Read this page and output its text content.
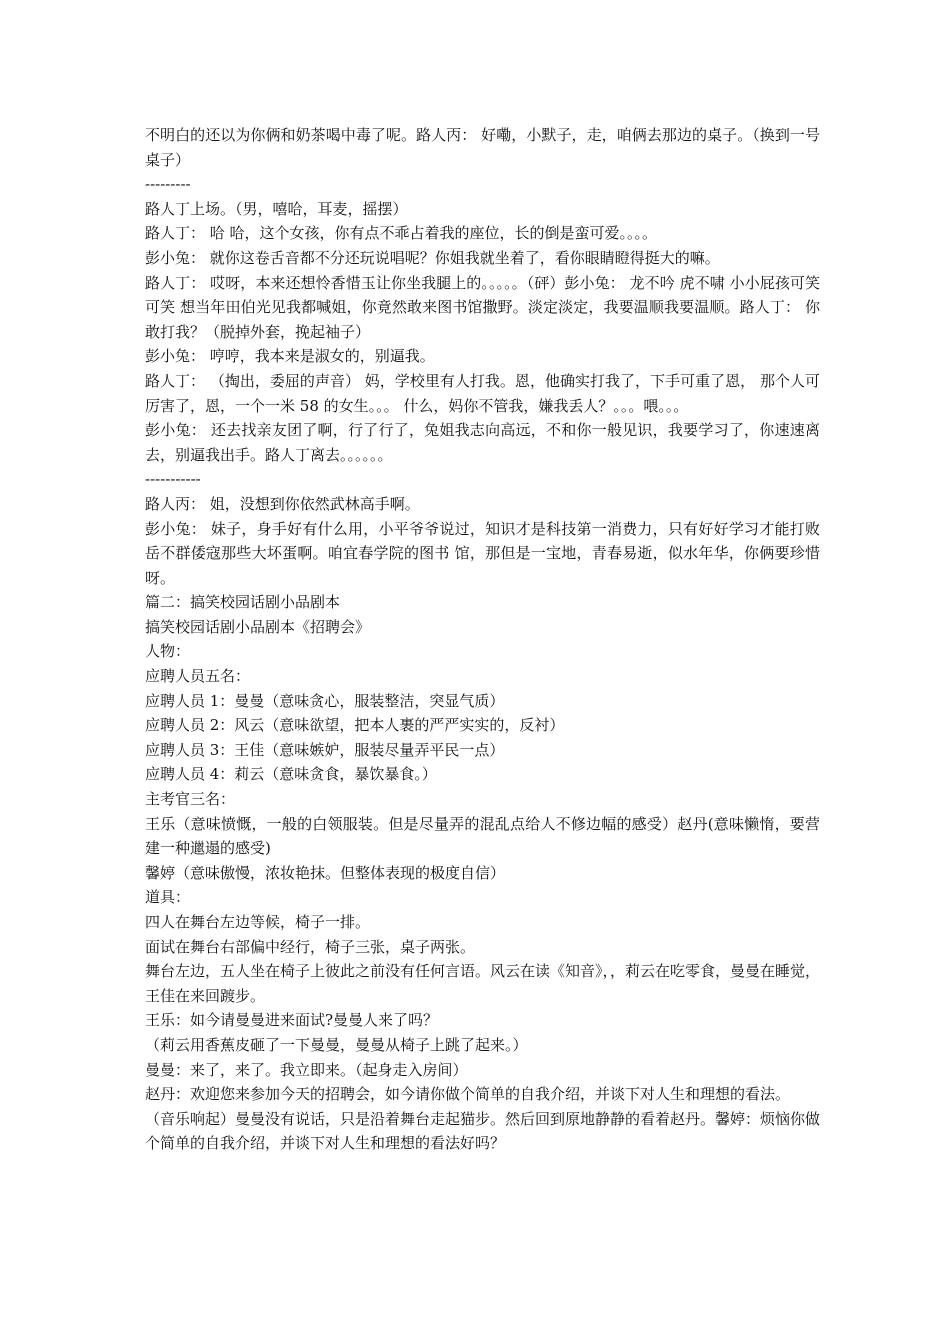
不明白的还以为你俩和奶茶喝中毒了呢。路人丙： 好嘞，小默子，走，咱俩去那边的桌子。（换到一号桌子）

---------

路人丁上场。（男，嘻哈，耳麦，摇摆）

路人丁： 哈 哈，这个女孩，你有点不乖占着我的座位，长的倒是蛮可爱。。。。

彭小兔： 就你这卷舌音都不分还玩说唱呢？你姐我就坐着了，看你眼睛瞪得挺大的嘛。

路人丁： 哎呀，本来还想怜香惜玉让你坐我腿上的。。。。。（砰）彭小兔： 龙不吟 虎不啸 小小屁孩可笑可笑 想当年田伯光见我都喊姐，你竟然敢来图书馆撒野。淡定淡定，我要温顺我要温顺。路人丁： 你敢打我？（脱掉外套，挽起袖子）

彭小兔： 哼哼，我本来是淑女的，别逼我。

路人丁： （掏出，委屈的声音） 妈，学校里有人打我。恩，他确实打我了，下手可重了恩， 那个人可厉害了，恩，一个一米 58 的女生。。。 什么，妈你不管我，嫌我丢人？。。。喂。。。

彭小兔： 还去找亲友团了啊，行了行了，兔姐我志向高远，不和你一般见识，我要学习了，你速速离去，别逼我出手。路人丁离去。。。。。。

-----------

路人丙： 姐，没想到你依然武林高手啊。

彭小兔： 妹子，身手好有什么用，小平爷爷说过，知识才是科技第一消费力，只有好好学习才能打败岳不群倭寇那些大坏蛋啊。咱宜春学院的图书 馆，那但是一宝地，青春易逝，似水年华，你俩要珍惜呀。

篇二：搞笑校园话剧小品剧本

搞笑校园话剧小品剧本《招聘会》

人物：

应聘人员五名：

应聘人员 1：曼曼（意味贪心，服装整洁，突显气质）

应聘人员 2：风云（意味欲望，把本人裹的严严实实的，反衬）

应聘人员 3：王佳（意味嫉妒，服装尽量弄平民一点）

应聘人员 4：莉云（意味贪食，暴饮暴食。）

主考官三名：

王乐（意味愤慨，一般的白领服装。但是尽量弄的混乱点给人不修边幅的感受）赵丹(意味懒惰，要营建一种邋遢的感受)

馨婷（意味傲慢，浓妆艳抹。但整体表现的极度自信）

道具：

四人在舞台左边等候，椅子一排。

面试在舞台右部偏中经行，椅子三张，桌子两张。

舞台左边，五人坐在椅子上彼此之前没有任何言语。风云在读《知音》，，莉云在吃零食，曼曼在睡觉，王佳在来回踱步。

王乐：如今请曼曼进来面试?曼曼人来了吗？

（莉云用香蕉皮砸了一下曼曼，曼曼从椅子上跳了起来。）

曼曼：来了，来了。我立即来。（起身走入房间）

赵丹：欢迎您来参加今天的招聘会，如今请你做个简单的自我介绍，并谈下对人生和理想的看法。

（音乐响起）曼曼没有说话，只是沿着舞台走起猫步。然后回到原地静静的看着赵丹。馨婷：烦恼你做个简单的自我介绍，并谈下对人生和理想的看法好吗？
